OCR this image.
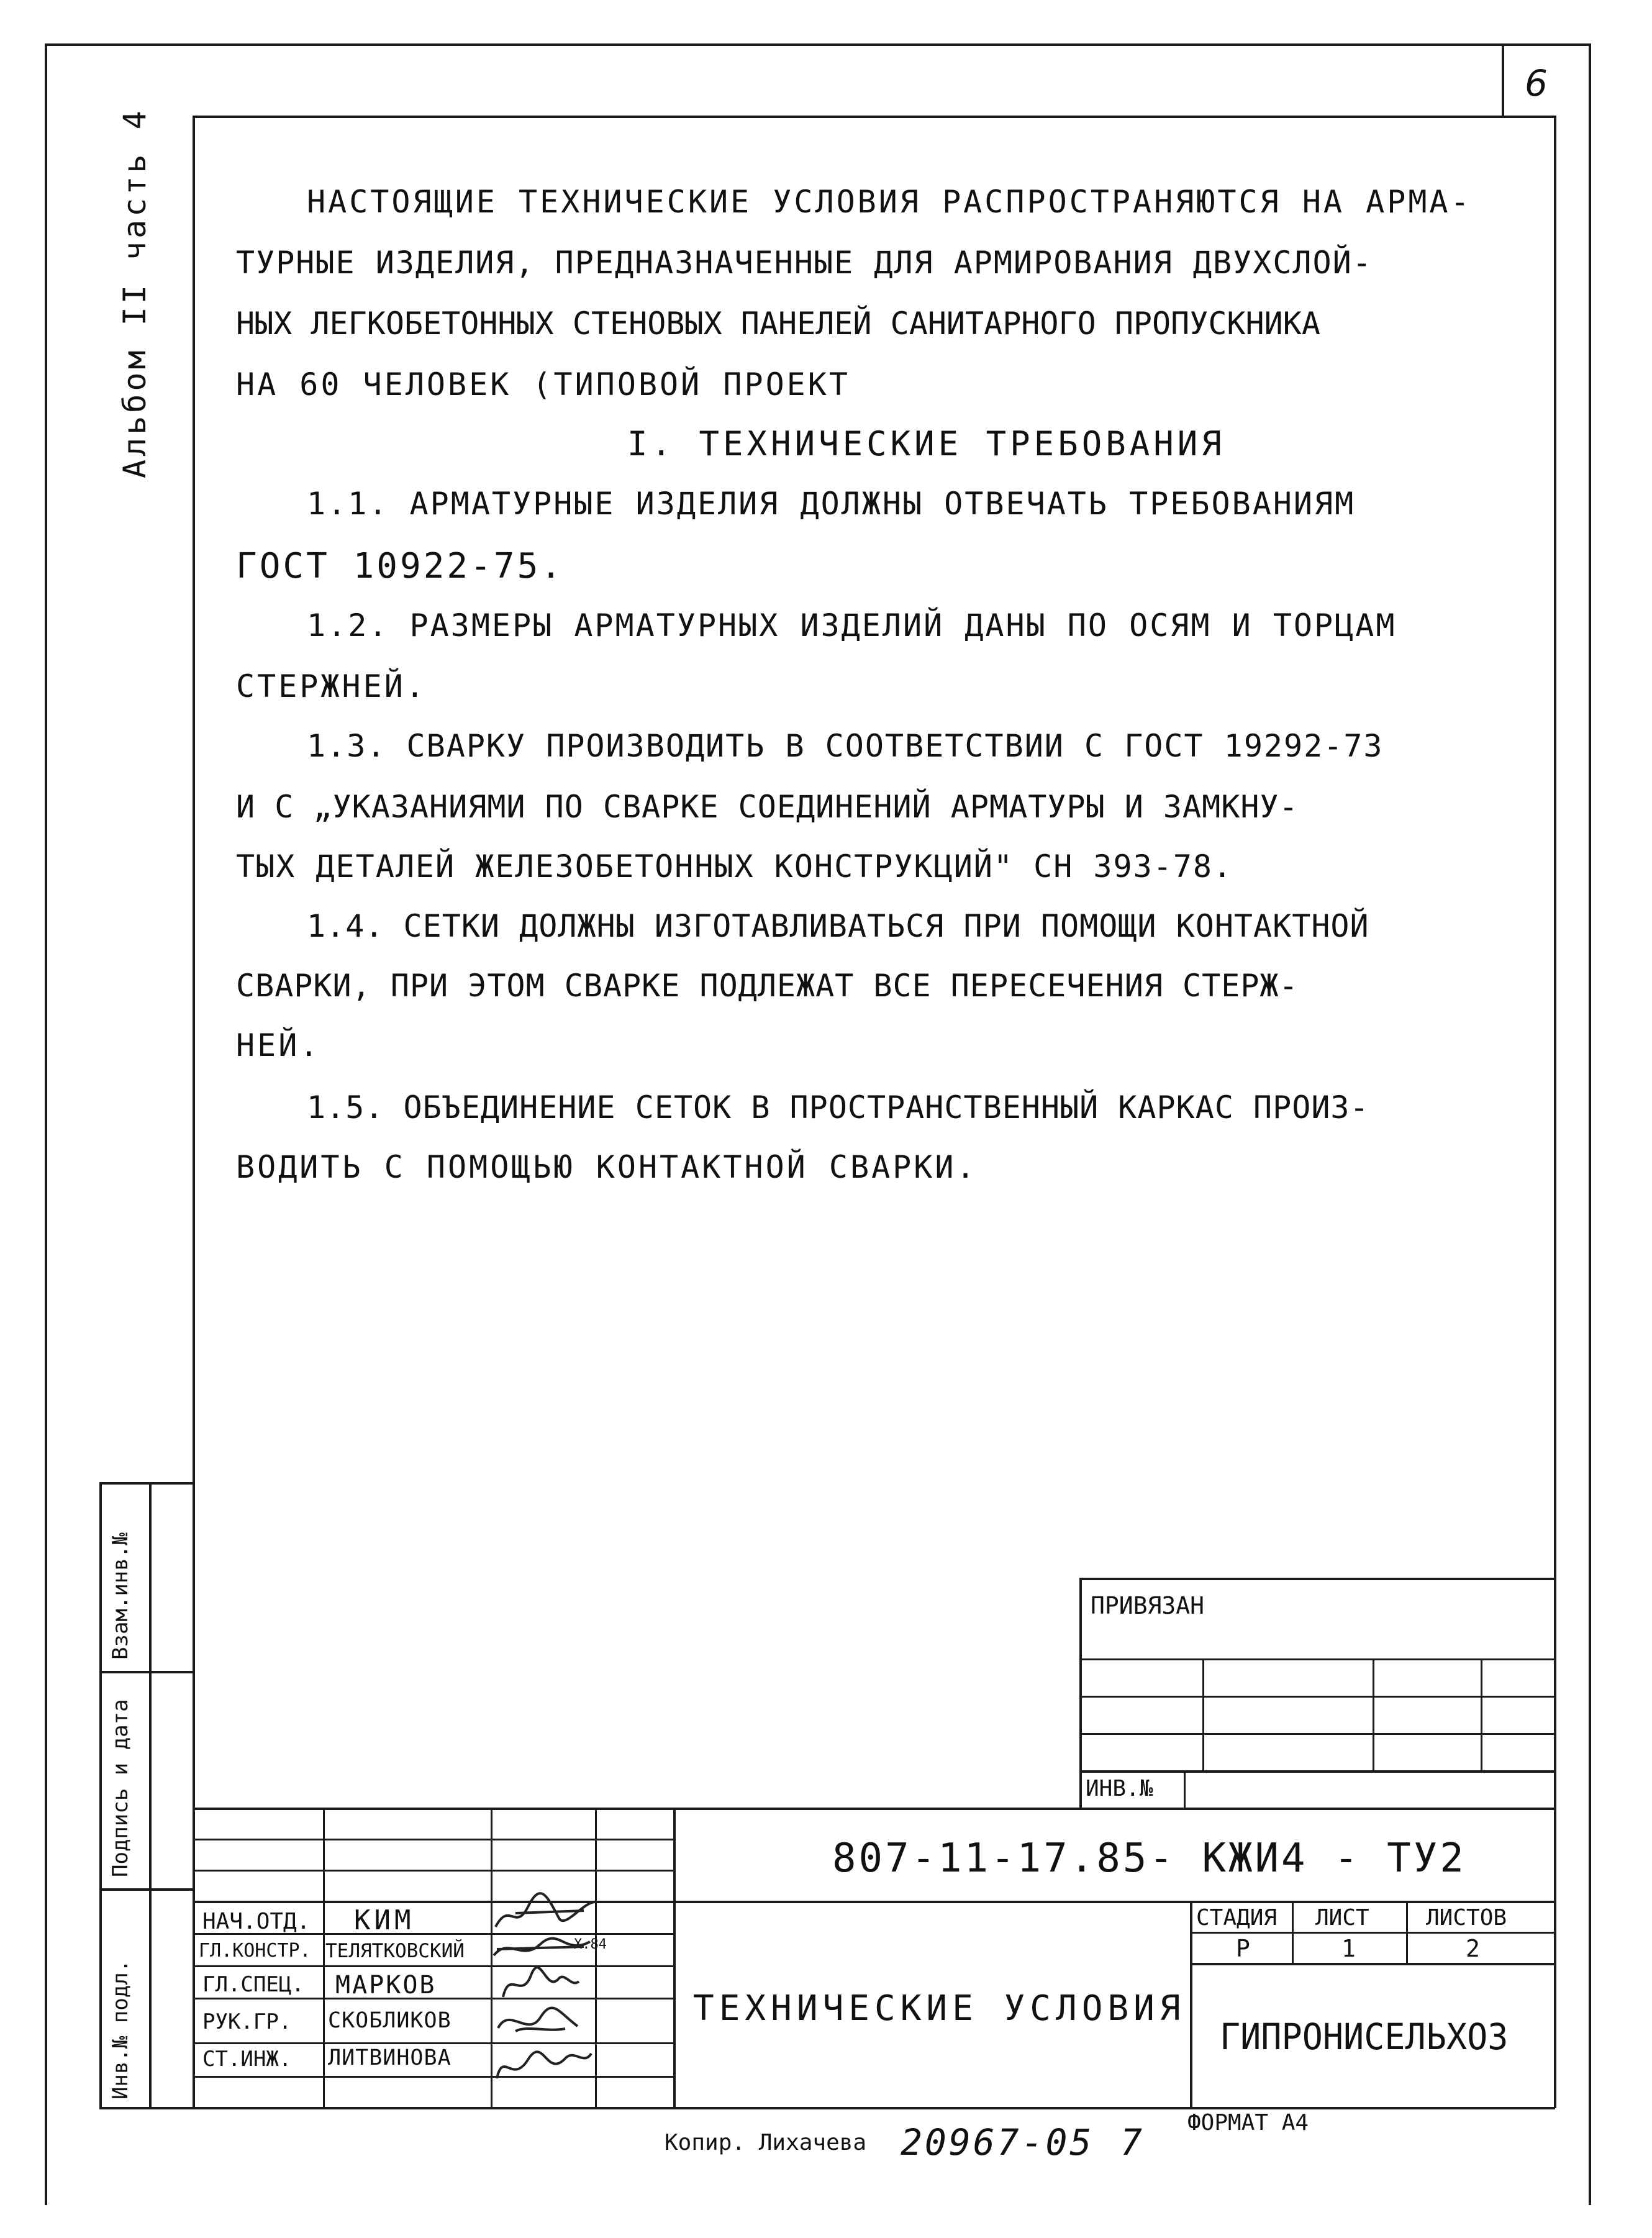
6
Альбом II часть 4	НАСТОЯЩИЕ ТЕХНИЧЕСКИЕ УСЛОВИЯ РАСПРОСТРАНЯЮТСЯ НА АРМА-
ТУРНЫЕ ИЗДЕЛИЯ, ПРЕДНАЗНАЧЕННЫЕ ДЛЯ АРМИРОВАНИЯ ДВУХСЛОЙ-
НЫХ ЛЕГКОБЕТОННЫХ СТЕНОВЫХ ПАНЕЛЕЙ САНИТАРНОГО ПРОПУСКНИКА
НА 60 ЧЕЛОВЕК (ТИПОВОЙ ПРОЕКТ
I. ТЕХНИЧЕСКИЕ ТРЕБОВАНИЯ
1.1. АРМАТУРНЫЕ ИЗДЕЛИЯ ДОЛЖНЫ ОТВЕЧАТЬ ТРЕБОВАНИЯМ
ГОСТ 10922-75.
1.2. РАЗМЕРЫ АРМАТУРНЫХ ИЗДЕЛИЙ ДАНЫ ПО ОСЯМ И ТОРЦАМ
СТЕРЖНЕЙ.
1.3. СВАРКУ ПРОИЗВОДИТЬ В СООТВЕТСТВИИ С ГОСТ 19292-73
И С „УКАЗАНИЯМИ ПО СВАРКЕ СОЕДИНЕНИЙ АРМАТУРЫ И ЗАМКНУ-
ТЫХ ДЕТАЛЕЙ ЖЕЛЕЗОБЕТОННЫХ КОНСТРУКЦИЙ" СН 393-78.
1.4. СЕТКИ ДОЛЖНЫ ИЗГОТАВЛИВАТЬСЯ ПРИ ПОМОЩИ КОНТАКТНОЙ
СВАРКИ, ПРИ ЭТОМ СВАРКЕ ПОДЛЕЖАТ ВСЕ ПЕРЕСЕЧЕНИЯ СТЕРЖ-
НЕЙ.
1.5. ОБЪЕДИНЕНИЕ СЕТОК В ПРОСТРАНСТВЕННЫЙ КАРКАС ПРОИЗ-
ВОДИТЬ С ПОМОЩЬЮ КОНТАКТНОЙ СВАРКИ.
Взам.инв.№
Подпись и дата
Инв.№ подл.
ПРИВЯЗАН
ИНВ.№
НАЧ.ОТД. КИМ
ГЛ.КОНСТР. ТЕЛЯТКОВСКИЙ
ГЛ.СПЕЦ. МАРКОВ
РУК.ГР. СКОБЛИКОВ
СТ.ИНЖ. ЛИТВИНОВА
X.84
807-11-17.85- КЖИ4 - ТУ2
ТЕХНИЧЕСКИЕ УСЛОВИЯ
СТАДИЯ ЛИСТ	ЛИСТОВ
Р	1	2
ГИПРОНИСЕЛЬХОЗ
Копир. Лихачева 20967-05 7 ФОРМАТ А4
